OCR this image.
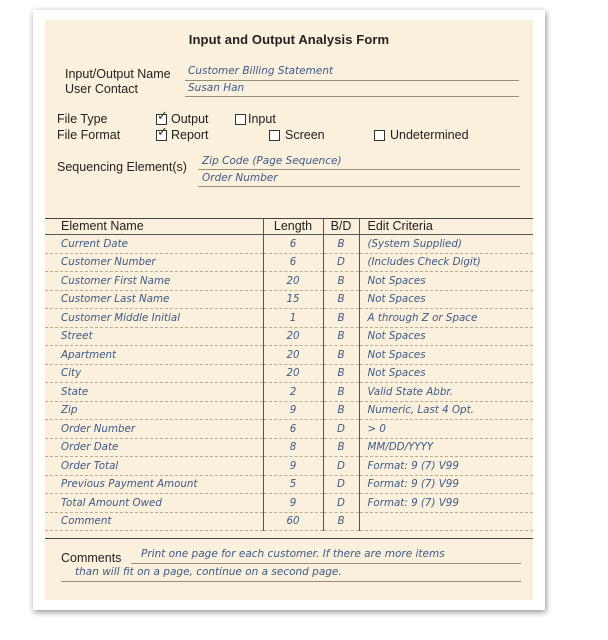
Input and Output Analysis Form
Input/Output Name Customer Billing Statement
User Contact	Susan Han
File Type ✓	Output	Input
File Format ✓	Report	Screen	Undetermined
Sequencing Element(s) Zip Code (Page Sequence)
Order Number
Element Name	Length	B/D	Edit Criteria
Current Date	6	B	(System Supplied)
Customer Number	6	D	(Includes Check Digit)
Customer First Name	20	B	Not Spaces
Customer Last Name	15	B	Not Spaces
Customer Middle Initial	1	B	A through Z or Space
Street	20	B	Not Spaces
Apartment	20	B	Not Spaces
City	20	B	Not Spaces
State	2	B	Valid State Abbr.
Zip	9	B	Numeric, Last 4 Opt.
Order Number	6	D	> 0
Order Date	8	B	MM/DD/YYYY
Order Total	9	D	Format: 9 (7) V99
Previous Payment Amount	5	D	Format: 9 (7) V99
Total Amount Owed	9	D	Format: 9 (7) V99
Comment	60	B	
Comments Print one page for each customer. If there are more items
than will fit on a page, continue on a second page.
